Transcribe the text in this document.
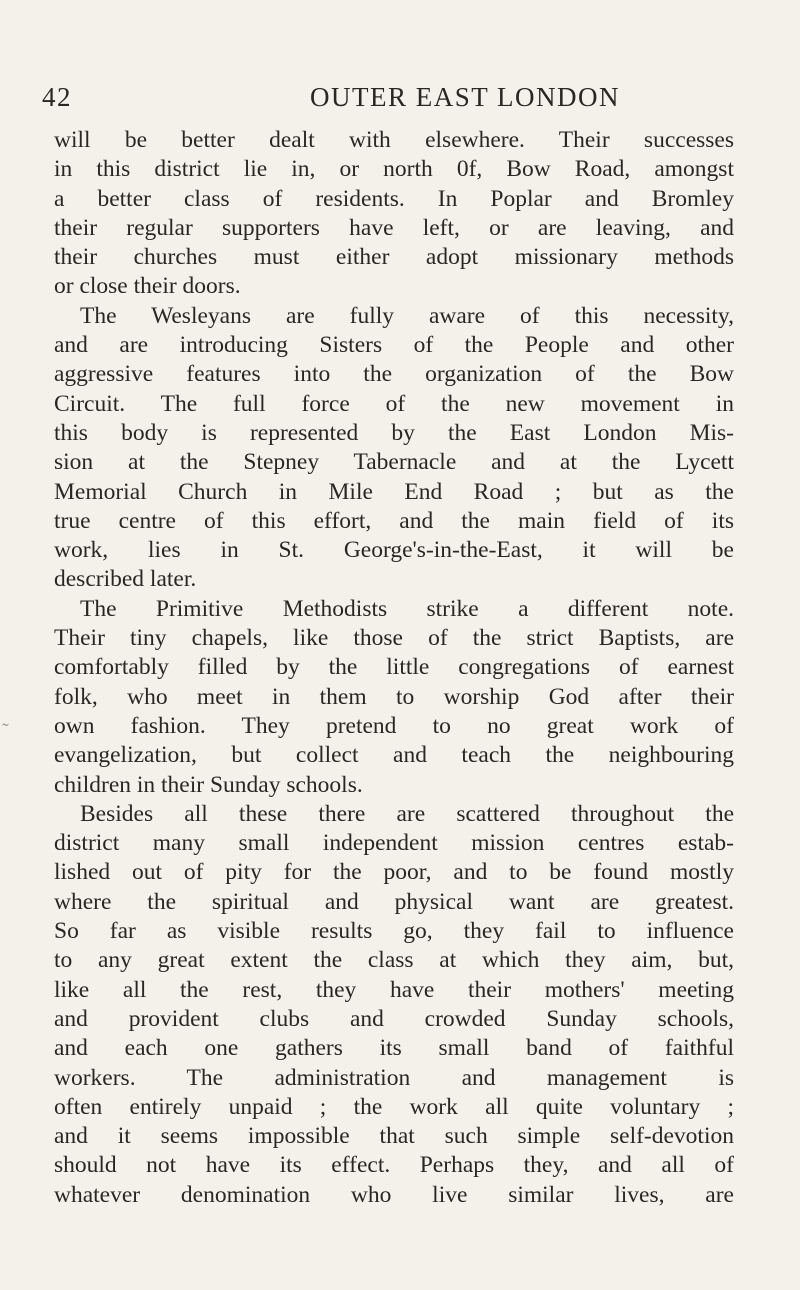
42	OUTER EAST LONDON
˜
will be better dealt with elsewhere. Their successes
in this district lie in, or north 0f, Bow Road, amongst
a better class of residents. In Poplar and Bromley
their regular supporters have left, or are leaving, and
their churches must either adopt missionary methods
or close their doors.
The Wesleyans are fully aware of this necessity,
and are introducing Sisters of the People and other
aggressive features into the organization of the Bow
Circuit. The full force of the new movement in
this body is represented by the East London Mis-
sion at the Stepney Tabernacle and at the Lycett
Memorial Church in Mile End Road ; but as the
true centre of this effort, and the main field of its
work, lies in St. George's-in-the-East, it will be
described later.
The Primitive Methodists strike a different note.
Their tiny chapels, like those of the strict Baptists, are
comfortably filled by the little congregations of earnest
folk, who meet in them to worship God after their
own fashion. They pretend to no great work of
evangelization, but collect and teach the neighbouring
children in their Sunday schools.
Besides all these there are scattered throughout the
district many small independent mission centres estab-
lished out of pity for the poor, and to be found mostly
where the spiritual and physical want are greatest.
So far as visible results go, they fail to influence
to any great extent the class at which they aim, but,
like all the rest, they have their mothers' meeting
and provident clubs and crowded Sunday schools,
and each one gathers its small band of faithful
workers. The administration and management is
often entirely unpaid ; the work all quite voluntary ;
and it seems impossible that such simple self-devotion
should not have its effect. Perhaps they, and all of
whatever denomination who live similar lives, are
